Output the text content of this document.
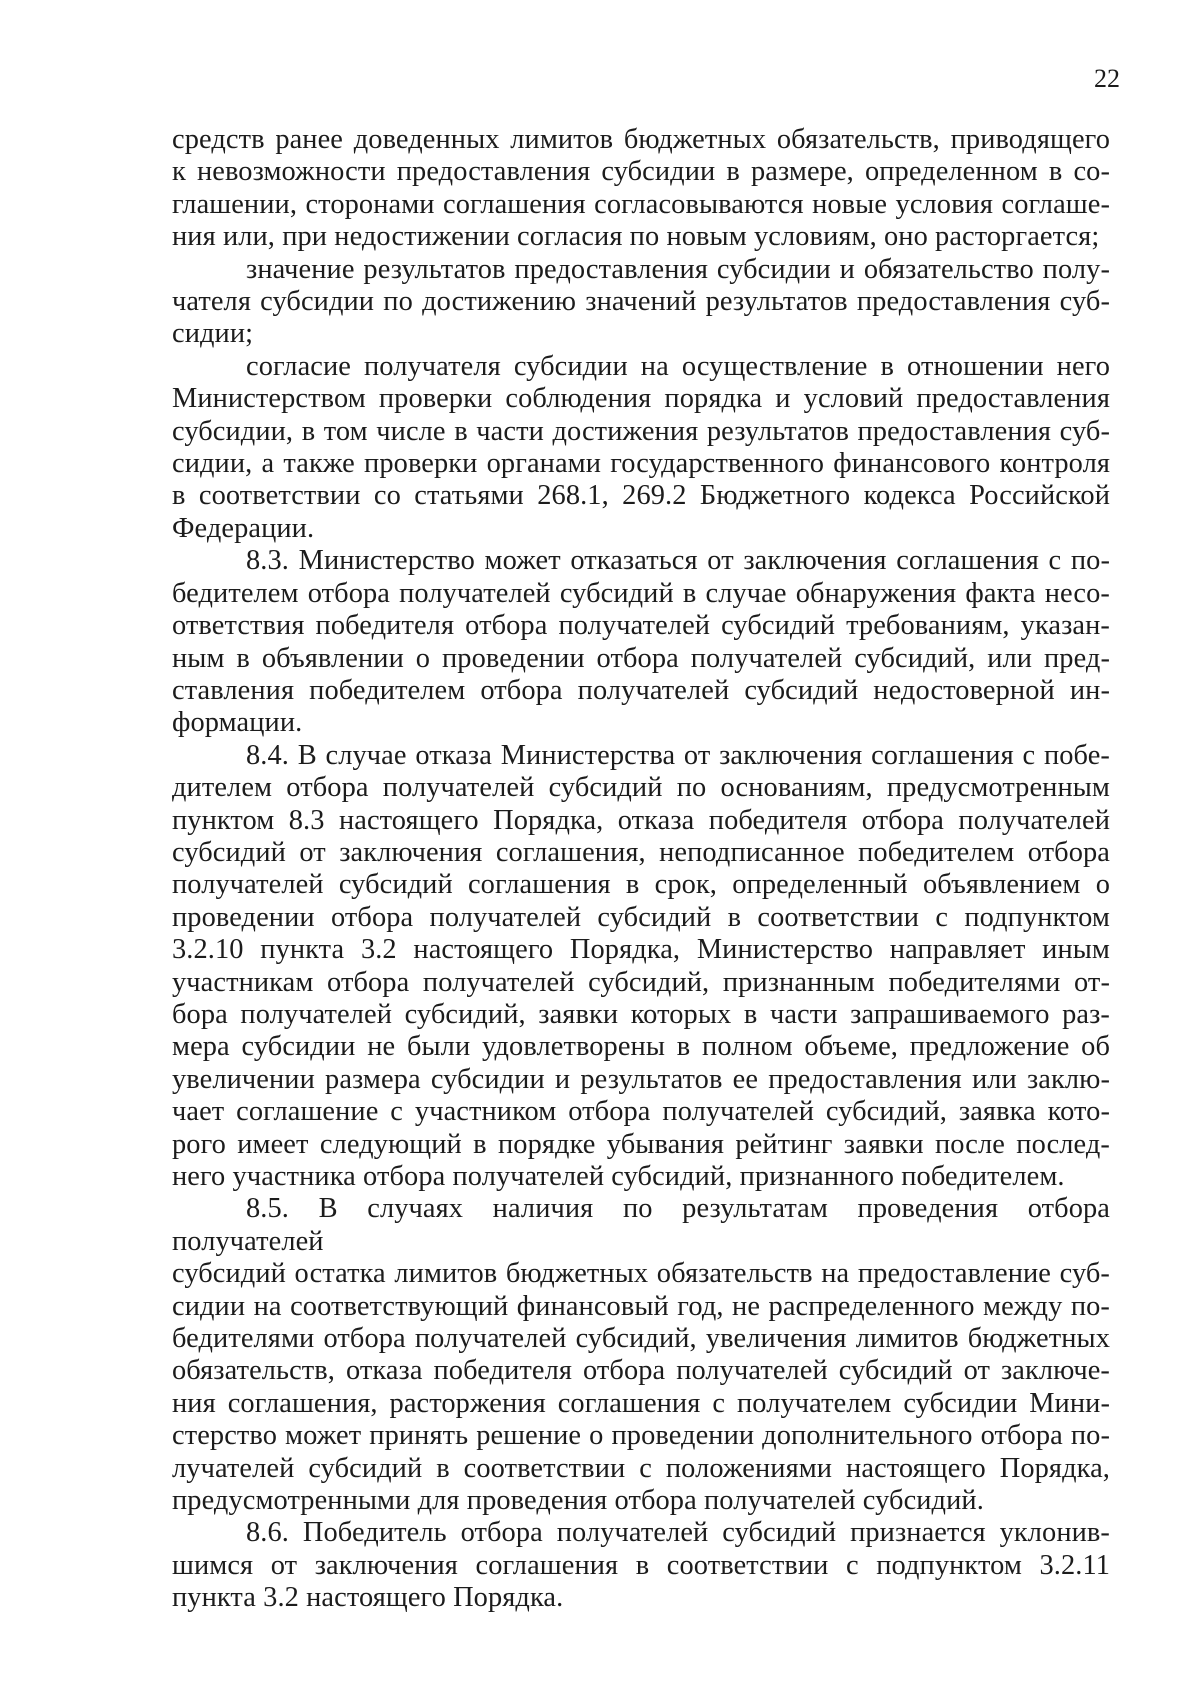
22

средств ранее доведенных лимитов бюджетных обязательств, приводящего
к невозможности предоставления субсидии в размере, определенном в со-
глашении, сторонами соглашения согласовываются новые условия соглаше-
ния или, при недостижении согласия по новым условиям, оно расторгается;

значение результатов предоставления субсидии и обязательство полу-
чателя субсидии по достижению значений результатов предоставления суб-
сидии;

согласие получателя субсидии на осуществление в отношении него
Министерством проверки соблюдения порядка и условий предоставления
субсидии, в том числе в части достижения результатов предоставления суб-
сидии, а также проверки органами государственного финансового контроля
в соответствии со статьями 268.1, 269.2 Бюджетного кодекса Российской
Федерации.

8.3. Министерство может отказаться от заключения соглашения с по-
бедителем отбора получателей субсидий в случае обнаружения факта несо-
ответствия победителя отбора получателей субсидий требованиям, указан-
ным в объявлении о проведении отбора получателей субсидий, или пред-
ставления победителем отбора получателей субсидий недостоверной ин-
формации.

8.4. В случае отказа Министерства от заключения соглашения с побе-
дителем отбора получателей субсидий по основаниям, предусмотренным
пунктом 8.3 настоящего Порядка, отказа победителя отбора получателей
субсидий от заключения соглашения, неподписанное победителем отбора
получателей субсидий соглашения в срок, определенный объявлением о
проведении отбора получателей субсидий в соответствии с подпунктом
3.2.10 пункта 3.2 настоящего Порядка, Министерство направляет иным
участникам отбора получателей субсидий, признанным победителями от-
бора получателей субсидий, заявки которых в части запрашиваемого раз-
мера субсидии не были удовлетворены в полном объеме, предложение об
увеличении размера субсидии и результатов ее предоставления или заклю-
чает соглашение с участником отбора получателей субсидий, заявка кото-
рого имеет следующий в порядке убывания рейтинг заявки после послед-
него участника отбора получателей субсидий, признанного победителем.

8.5. В случаях наличия по результатам проведения отбора получателей
субсидий остатка лимитов бюджетных обязательств на предоставление суб-
сидии на соответствующий финансовый год, не распределенного между по-
бедителями отбора получателей субсидий, увеличения лимитов бюджетных
обязательств, отказа победителя отбора получателей субсидий от заключе-
ния соглашения, расторжения соглашения с получателем субсидии Мини-
стерство может принять решение о проведении дополнительного отбора по-
лучателей субсидий в соответствии с положениями настоящего Порядка,
предусмотренными для проведения отбора получателей субсидий.

8.6. Победитель отбора получателей субсидий признается уклонив-
шимся от заключения соглашения в соответствии с подпунктом 3.2.11
пункта 3.2 настоящего Порядка.
